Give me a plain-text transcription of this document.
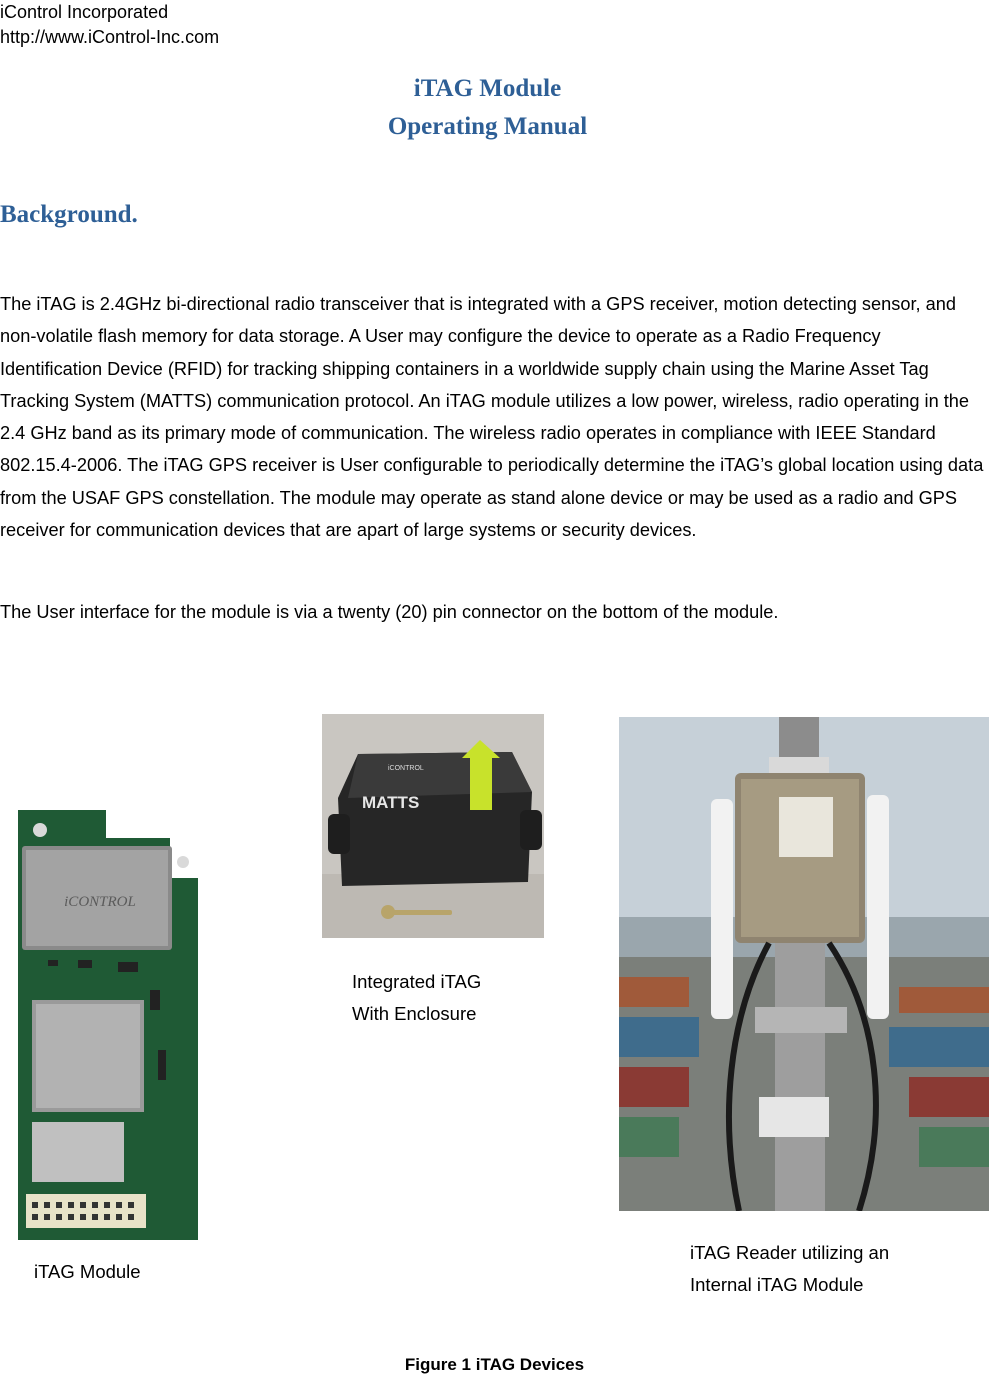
iControl Incorporated
http://www.iControl-Inc.com
iTAG Module
Operating Manual
Background.

The iTAG is 2.4GHz bi-directional radio transceiver that is integrated with a GPS receiver, motion detecting sensor, and non-volatile flash memory for data storage. A User may configure the device to operate as a Radio Frequency Identification Device (RFID) for tracking shipping containers in a worldwide supply chain using the Marine Asset Tag Tracking System (MATTS) communication protocol. An iTAG module utilizes a low power, wireless, radio operating in the 2.4 GHz band as its primary mode of communication. The wireless radio operates in compliance with IEEE Standard 802.15.4-2006. The iTAG GPS receiver is User configurable to periodically determine the iTAG’s global location using data from the USAF GPS constellation. The module may operate as stand alone device or may be used as a radio and GPS receiver for communication devices that are apart of large systems or security devices.

The User interface for the module is via a twenty (20) pin connector on the bottom of the module.

iCONTROL
iCONTROL
MATTS
Integrated iTAG
With Enclosure
iTAG Module
iTAG Reader utilizing an
Internal iTAG Module
Figure 1 iTAG Devices
